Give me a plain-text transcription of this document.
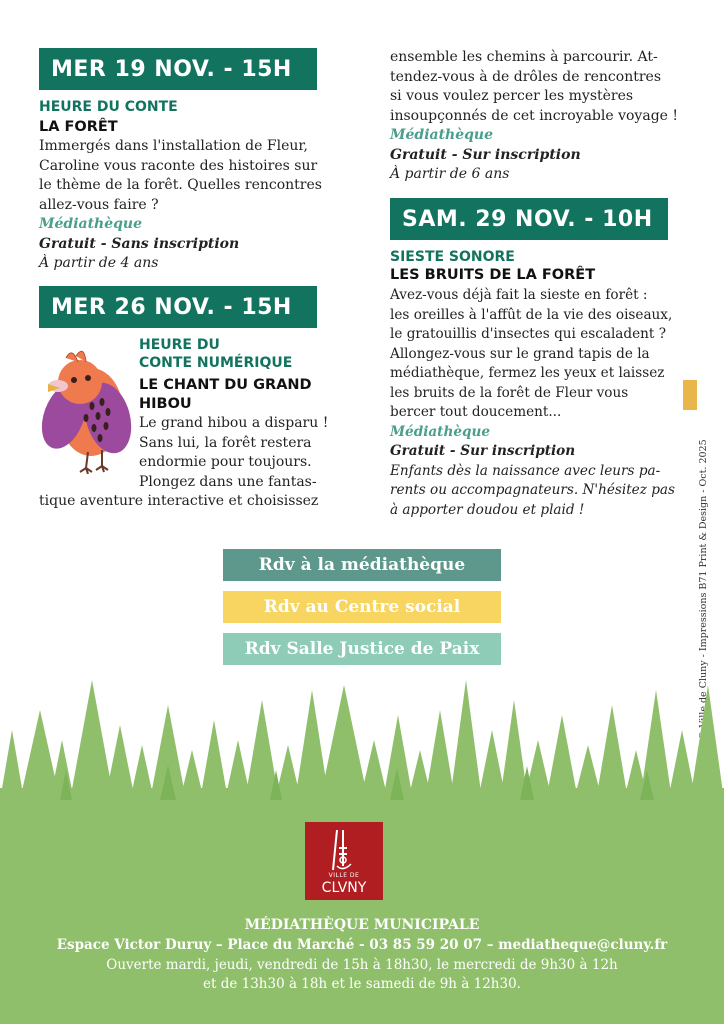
MER 19 NOV. - 15H
HEURE DU CONTE
LA FORÊT

Immergés dans l'installation de Fleur,

Caroline vous raconte des histoires sur

le thème de la forêt. Quelles rencontres

allez-vous faire ?

Médiathèque

Gratuit - Sans inscription

À partir de 4 ans

MER 26 NOV. - 15H
HEURE DU
CONTE NUMÉRIQUE
LE CHANT DU GRAND
HIBOU

Le grand hibou a disparu !

Sans lui, la forêt restera

endormie pour toujours.

Plongez dans une fantas-

tique aventure interactive et choisissez

ensemble les chemins à parcourir. At-

tendez-vous à de drôles de rencontres

si vous voulez percer les mystères

insoupçonnés de cet incroyable voyage !

Médiathèque

Gratuit - Sur inscription

À partir de 6 ans

SAM. 29 NOV. - 10H
SIESTE SONORE
LES BRUITS DE LA FORÊT

Avez-vous déjà fait la sieste en forêt :

les oreilles à l'affût de la vie des oiseaux,

le gratouillis d'insectes qui escaladent ?

Allongez-vous sur le grand tapis de la

médiathèque, fermez les yeux et laissez

les bruits de la forêt de Fleur vous

bercer tout doucement...

Médiathèque

Gratuit - Sur inscription

Enfants dès la naissance avec leurs pa-

rents ou accompagnateurs. N'hésitez pas

à apporter doudou et plaid !

Rdv à la médiathèque
Rdv au Centre social
Rdv Salle Justice de Paix	© Ville de Cluny - Impressions B71 Print & Design - Oct. 2025
VILLE DE
CLVNY
MÉDIATHÈQUE MUNICIPALE
Espace Victor Duruy – Place du Marché - 03 85 59 20 07 – mediatheque@cluny.fr
Ouverte mardi, jeudi, vendredi de 15h à 18h30, le mercredi de 9h30 à 12h
et de 13h30 à 18h et le samedi de 9h à 12h30.
